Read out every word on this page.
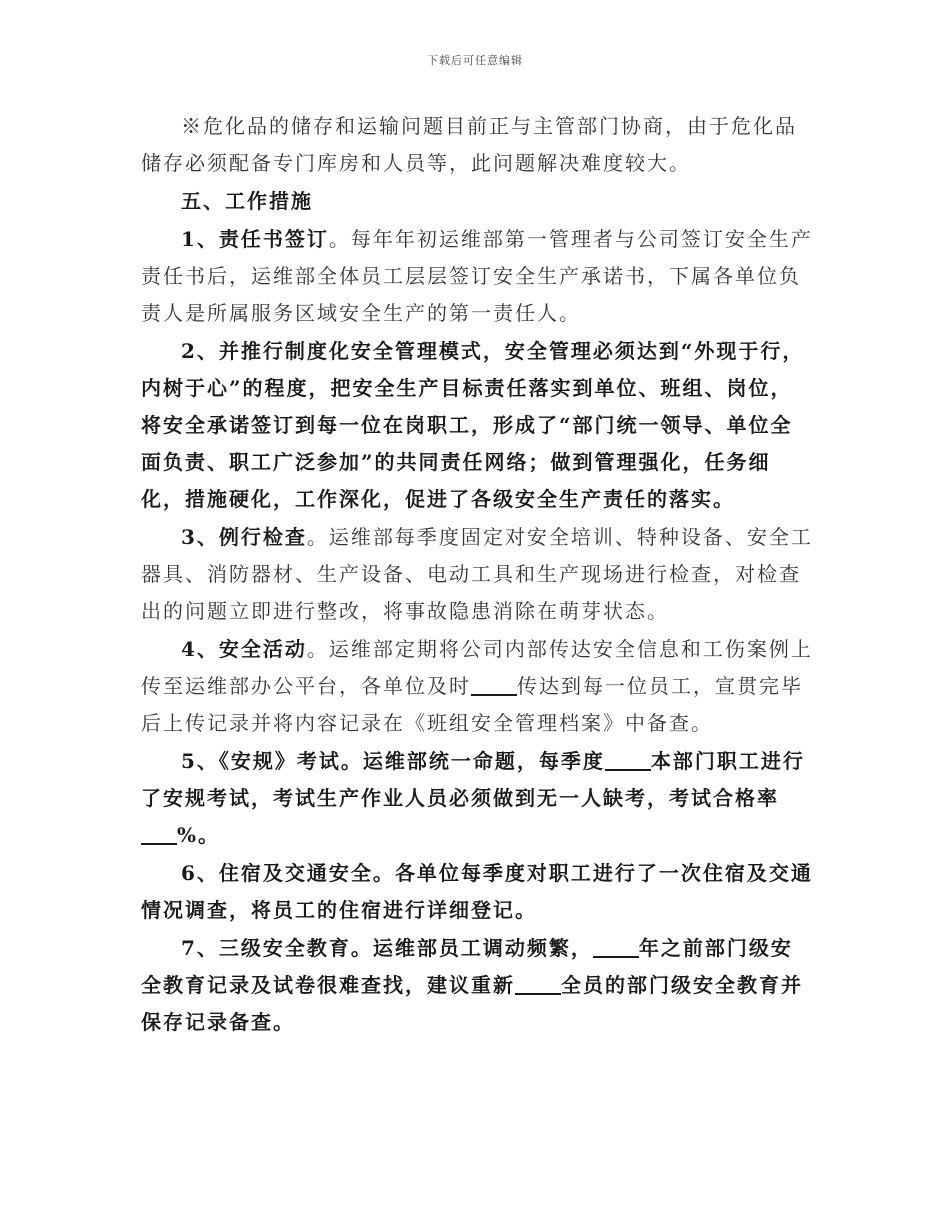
下载后可任意编辑

※危化品的储存和运输问题目前正与主管部门协商，由于危化品储存必须配备专门库房和人员等，此问题解决难度较大。

五、工作措施

1、责任书签订。每年年初运维部第一管理者与公司签订安全生产责任书后，运维部全体员工层层签订安全生产承诺书，下属各单位负责人是所属服务区域安全生产的第一责任人。

2、并推行制度化安全管理模式，安全管理必须达到“外现于行，内树于心”的程度，把安全生产目标责任落实到单位、班组、岗位，将安全承诺签订到每一位在岗职工，形成了“部门统一领导、单位全面负责、职工广泛参加”的共同责任网络；做到管理强化，任务细化，措施硬化，工作深化，促进了各级安全生产责任的落实。

3、例行检查。运维部每季度固定对安全培训、特种设备、安全工器具、消防器材、生产设备、电动工具和生产现场进行检查，对检查出的问题立即进行整改，将事故隐患消除在萌芽状态。

4、安全活动。运维部定期将公司内部传达安全信息和工伤案例上传至运维部办公平台，各单位及时 传达到每一位员工，宣贯完毕后上传记录并将内容记录在《班组安全管理档案》中备查。

5、《安规》考试。运维部统一命题，每季度 本部门职工进行了安规考试，考试生产作业人员必须做到无一人缺考，考试合格率%。

6、住宿及交通安全。各单位每季度对职工进行了一次住宿及交通情况调查，将员工的住宿进行详细登记。

7、三级安全教育。运维部员工调动频繁， 年之前部门级安全教育记录及试卷很难查找，建议重新 全员的部门级安全教育并保存记录备查。
